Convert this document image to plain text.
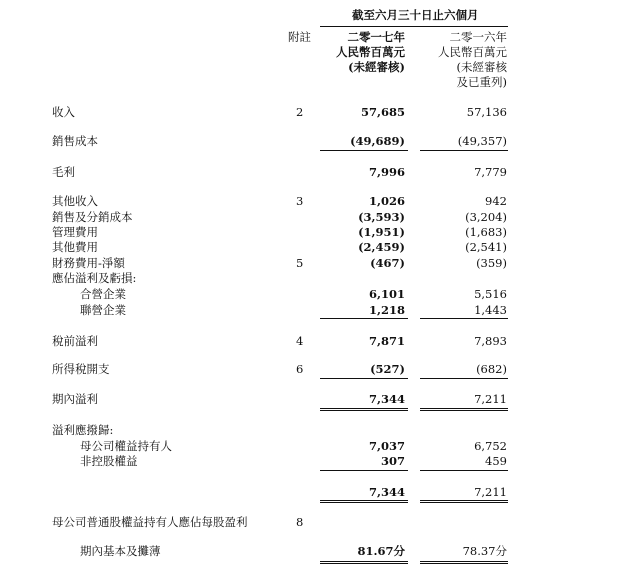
截至六月三十日止六個月
附註	二零一七年
人民幣百萬元
(未經審核)
二零一六年
人民幣百萬元
(未經審核
及已重列)
收入	2	57,685	57,136
銷售成本	(49,689)	(49,357)
毛利	7,996	7,779
其他收入	3	1,026	942
銷售及分銷成本	(3,593)	(3,204)
管理費用	(1,951)	(1,683)
其他費用	(2,459)	(2,541)
財務費用-淨額	5	(467)	(359)
應佔溢利及虧損:
合營企業	6,101	5,516
聯營企業	1,218	1,443
稅前溢利	4	7,871	7,893
所得稅開支	6	(527)	(682)
期內溢利	7,344	7,211
溢利應撥歸:
母公司權益持有人	7,037	6,752
非控股權益	307	459
7,344	7,211
母公司普通股權益持有人應佔每股盈利	8
期內基本及攤薄	81.67分	78.37分
